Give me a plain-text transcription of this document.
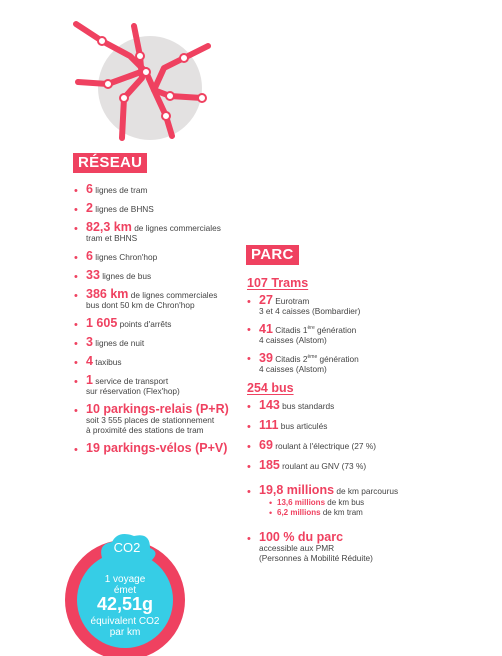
RÉSEAU
• 6 lignes de tram
• 2 lignes de BHNS
• 82,3 km de lignes commerciales
tram et BHNS
• 6 lignes Chron'hop
• 33 lignes de bus
• 386 km de lignes commerciales
bus dont 50 km de Chron'hop
• 1 605 points d'arrêts
• 3 lignes de nuit
• 4 taxibus
• 1 service de transport
sur réservation (Flex'hop)
• 10 parkings-relais (P+R)
soit 3 555 places de stationnement
à proximité des stations de tram
• 19 parkings-vélos (P+V)
PARC
107 Trams
• 27 Eurotram
3 et 4 caisses (Bombardier)
• 41 Citadis 1ère génération
4 caisses (Alstom)
• 39 Citadis 2ème génération
4 caisses (Alstom)
254 bus
• 143 bus standards
• 111 bus articulés
• 69 roulant à l'électrique (27 %)
• 185 roulant au GNV (73 %)
• 19,8 millions de km parcourus
• 13,6 millions de km bus
• 6,2 millions de km tram
• 100 % du parc
accessible aux PMR
(Personnes à Mobilité Réduite)
CO2
1 voyage
émet
42,51g
équivalent CO2
par km
